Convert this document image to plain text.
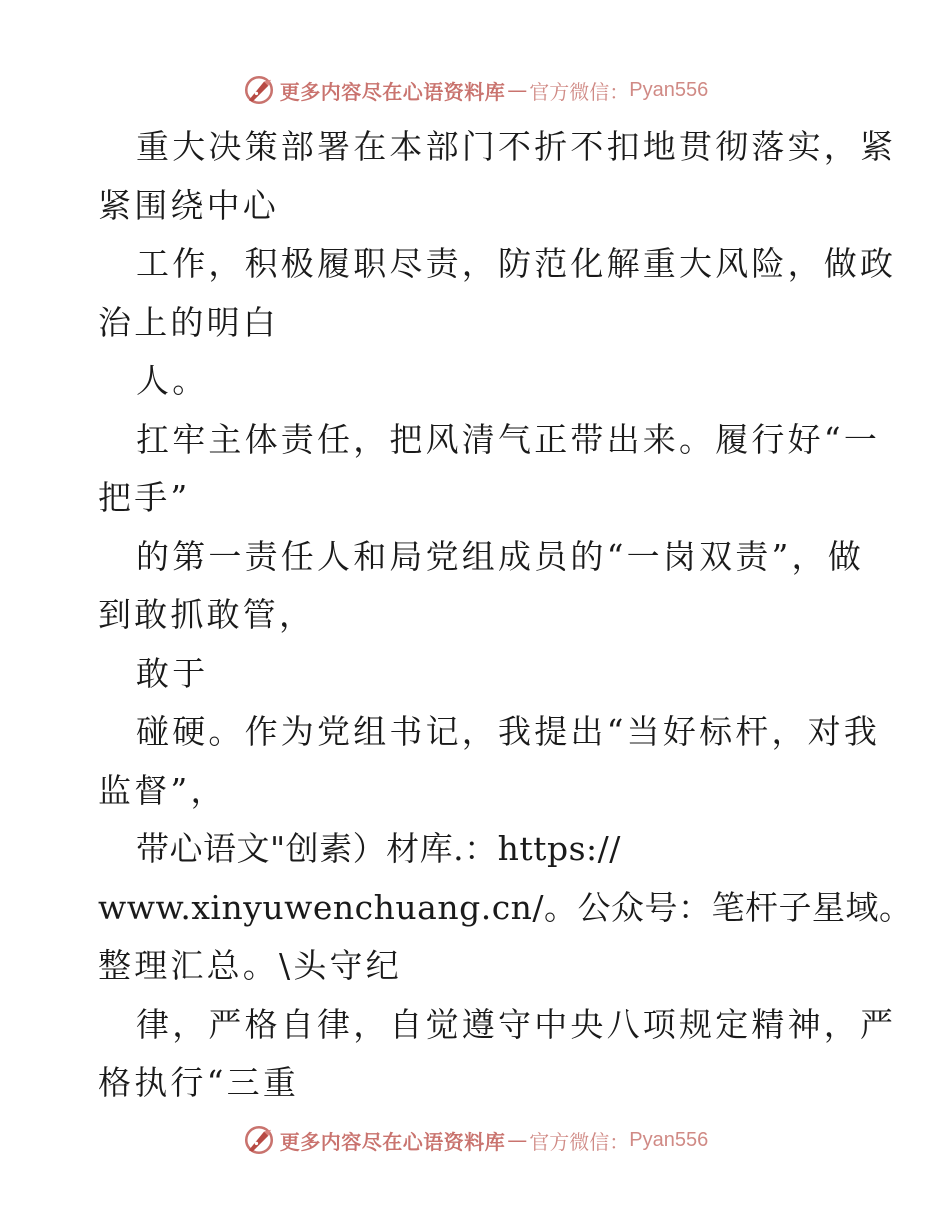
更多内容尽在心语资料库 — 官方微信： Pyan556
重大决策部署在本部门不折不扣地贯彻落实，紧
紧围绕中心
工作，积极履职尽责，防范化解重大风险，做政
治上的明白
人。
扛牢主体责任，把风清气正带出来。履行好“一
把手”
的第一责任人和局党组成员的“一岗双责”，做
到敢抓敢管，
敢于
碰硬。作为党组书记，我提出“当好标杆，对我
监督”，
带心语文"创素）材库.：https://
www.xinyuwenchuang.cn/。公众号：笔杆子星域。
整理汇总。\头守纪
律，严格自律，自觉遵守中央八项规定精神，严
格执行“三重
更多内容尽在心语资料库 — 官方微信： Pyan556
